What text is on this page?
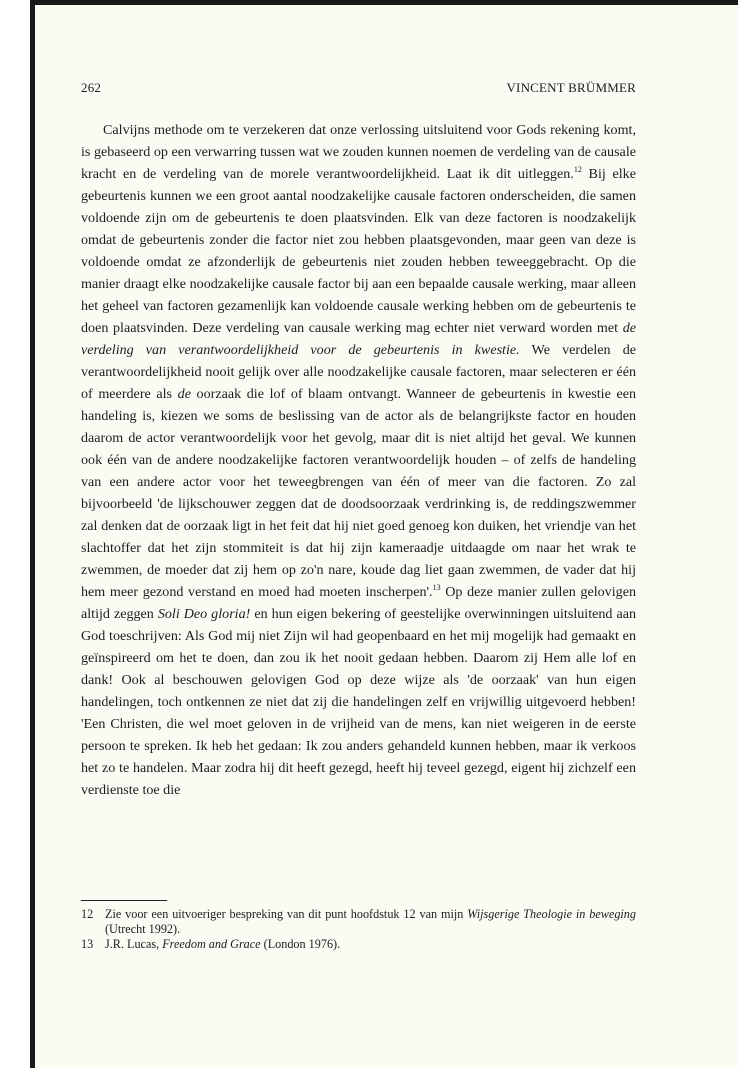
262	VINCENT BRÜMMER

Calvijns methode om te verzekeren dat onze verlossing uitsluitend voor Gods rekening komt, is gebaseerd op een verwarring tussen wat we zouden kunnen noemen de verdeling van de causale kracht en de verdeling van de morele verantwoordelijkheid. Laat ik dit uitleggen.$^{12}$ Bij elke gebeurtenis kunnen we een groot aantal noodzakelijke causale factoren onderscheiden, die samen voldoende zijn om de gebeurtenis te doen plaatsvinden. Elk van deze factoren is noodzakelijk omdat de gebeurtenis zonder die factor niet zou hebben plaatsgevonden, maar geen van deze is voldoende omdat ze afzonderlijk de gebeurtenis niet zouden hebben teweeggebracht. Op die manier draagt elke noodzakelijke causale factor bij aan een bepaalde causale werking, maar alleen het geheel van factoren gezamenlijk kan voldoende causale werking hebben om de gebeurtenis te doen plaatsvinden. Deze verdeling van causale werking mag echter niet verward worden met de verdeling van verantwoordelijkheid voor de gebeurtenis in kwestie. We verdelen de verantwoordelijkheid nooit gelijk over alle noodzakelijke causale factoren, maar selecteren er één of meerdere als de oorzaak die lof of blaam ontvangt. Wanneer de gebeurtenis in kwestie een handeling is, kiezen we soms de beslissing van de actor als de belangrijkste factor en houden daarom de actor verantwoordelijk voor het gevolg, maar dit is niet altijd het geval. We kunnen ook één van de andere noodzakelijke factoren verantwoordelijk houden – of zelfs de handeling van een andere actor voor het teweegbrengen van één of meer van die factoren. Zo zal bijvoorbeeld 'de lijkschouwer zeggen dat de doodsoorzaak verdrinking is, de reddingszwemmer zal denken dat de oorzaak ligt in het feit dat hij niet goed genoeg kon duiken, het vriendje van het slachtoffer dat het zijn stommiteit is dat hij zijn kameraadje uitdaagde om naar het wrak te zwemmen, de moeder dat zij hem op zo'n nare, koude dag liet gaan zwemmen, de vader dat hij hem meer gezond verstand en moed had moeten inscherpen'.$^{13}$ Op deze manier zullen gelovigen altijd zeggen Soli Deo gloria! en hun eigen bekering of geestelijke overwinningen uitsluitend aan God toeschrijven: Als God mij niet Zijn wil had geopenbaard en het mij mogelijk had gemaakt en geïnspireerd om het te doen, dan zou ik het nooit gedaan hebben. Daarom zij Hem alle lof en dank! Ook al beschouwen gelovigen God op deze wijze als 'de oorzaak' van hun eigen handelingen, toch ontkennen ze niet dat zij die handelingen zelf en vrijwillig uitgevoerd hebben! 'Een Christen, die wel moet geloven in de vrijheid van de mens, kan niet weigeren in de eerste persoon te spreken. Ik heb het gedaan: Ik zou anders gehandeld kunnen hebben, maar ik verkoos het zo te handelen. Maar zodra hij dit heeft gezegd, heeft hij teveel gezegd, eigent hij zichzelf een verdienste toe die

12 Zie voor een uitvoeriger bespreking van dit punt hoofdstuk 12 van mijn Wijsgerige Theologie in beweging (Utrecht 1992).
13 J.R. Lucas, Freedom and Grace (London 1976).
